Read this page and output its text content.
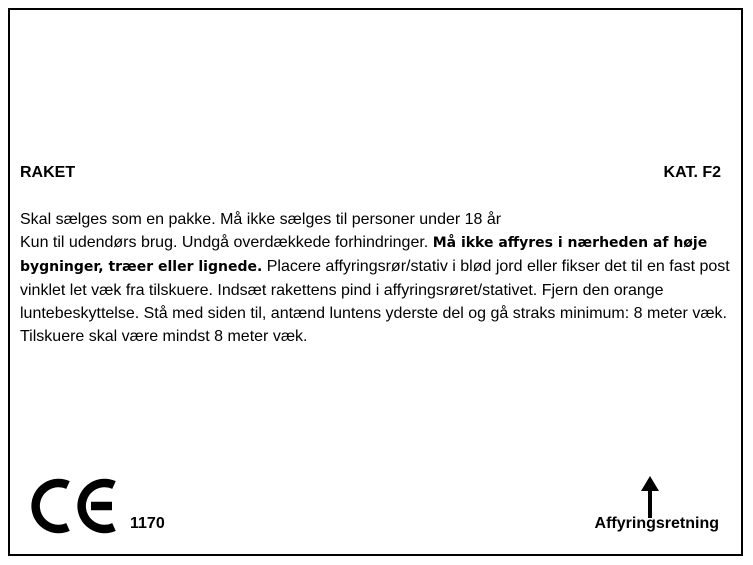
RAKET	KAT. F2

Skal sælges som en pakke. Må ikke sælges til personer under 18 år
Kun til udendørs brug. Undgå overdækkede forhindringer. Må ikke affyres i nærheden af høje bygninger, træer eller lignede. Placere affyringsrør/stativ i blød jord eller fikser det til en fast post vinklet let væk fra tilskuere. Indsæt rakettens pind i affyringsrøret/stativet. Fjern den orange luntebeskyttelse. Stå med siden til, antænd luntens yderste del og gå straks minimum: 8 meter væk. Tilskuere skal være mindst 8 meter væk.

1170	Affyringsretning
